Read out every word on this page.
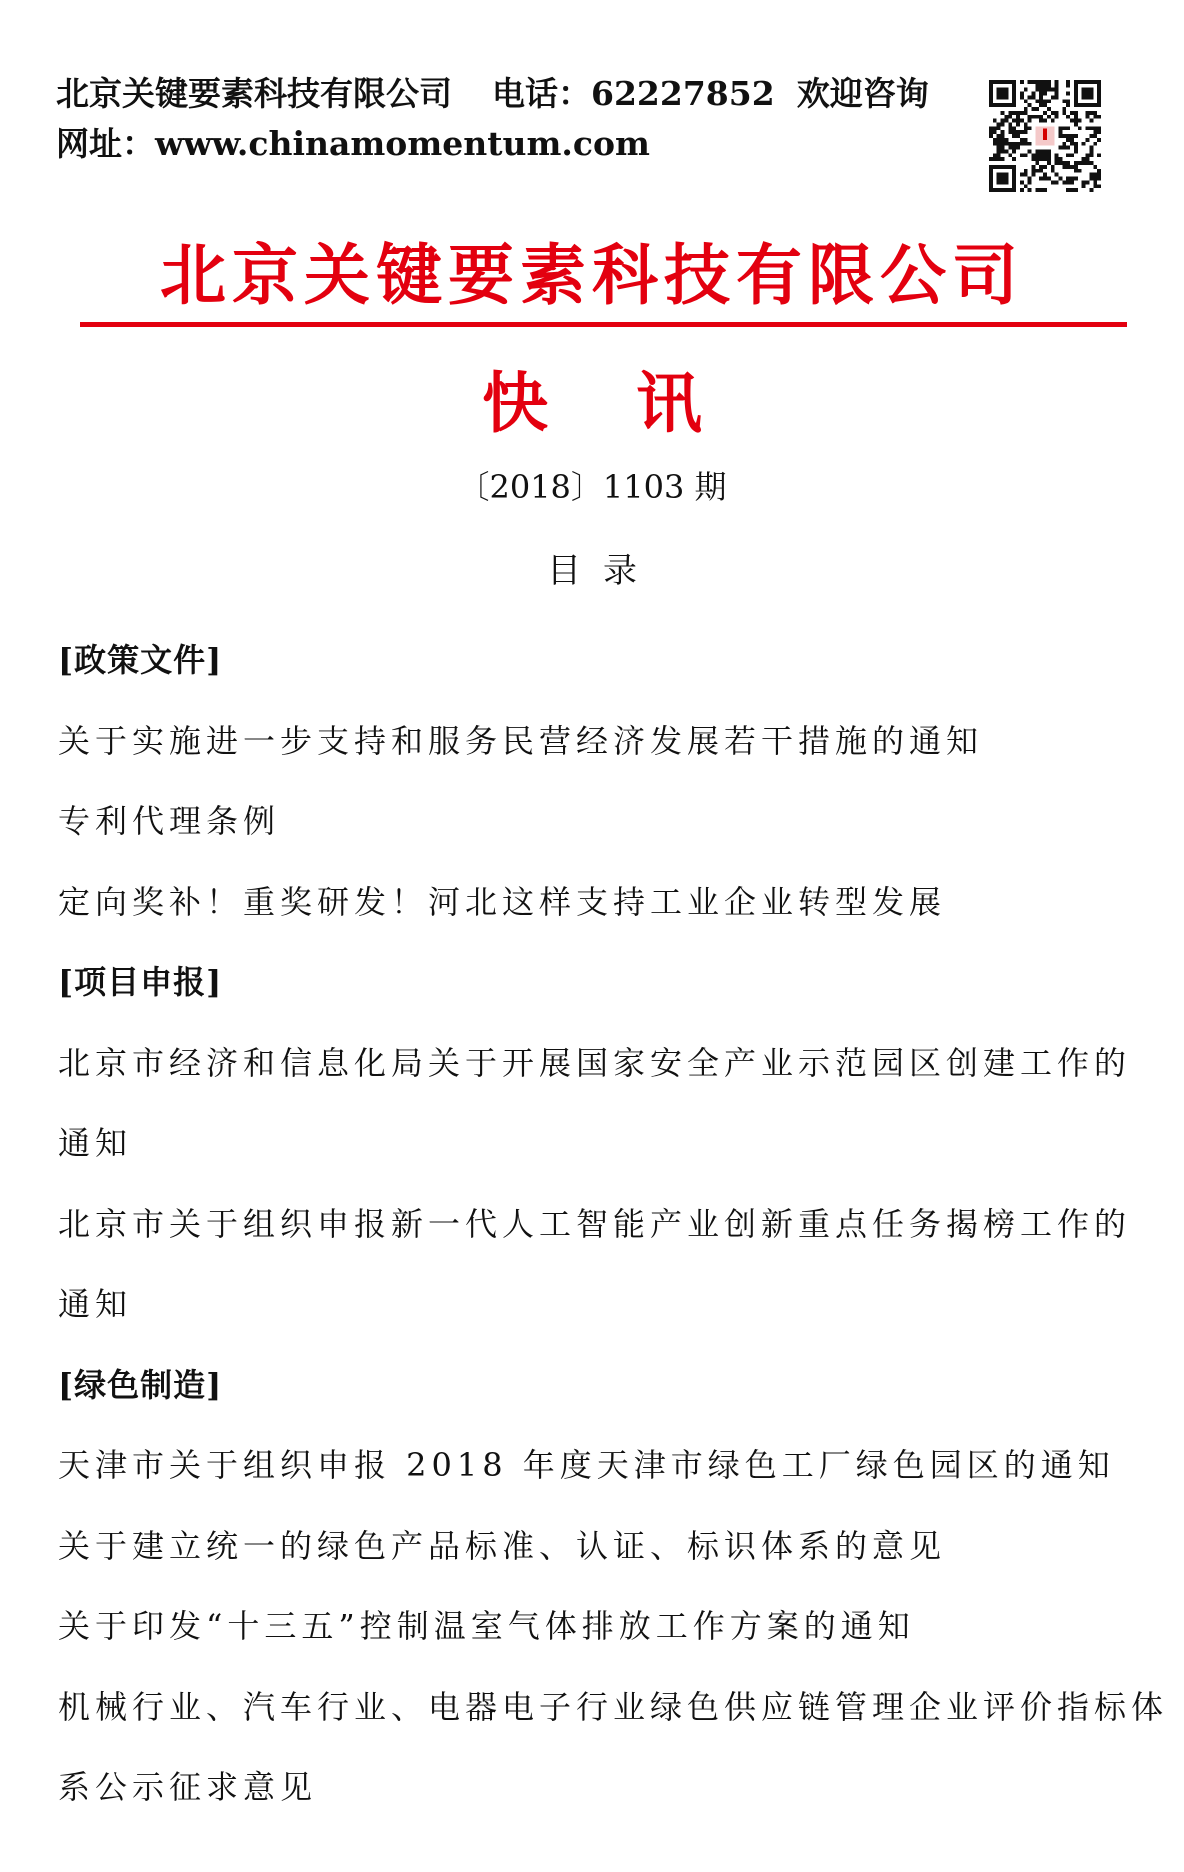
北京关键要素科技有限公司 电话：62227852 欢迎咨询
网址：www.chinamomentum.com
北京关键要素科技有限公司
快 讯
〔2018〕1103 期
目录
[政策文件]
关于实施进一步支持和服务民营经济发展若干措施的通知
专利代理条例
定向奖补！重奖研发！河北这样支持工业企业转型发展
[项目申报]
北京市经济和信息化局关于开展国家安全产业示范园区创建工作的
通知
北京市关于组织申报新一代人工智能产业创新重点任务揭榜工作的
通知
[绿色制造]
天津市关于组织申报 2018 年度天津市绿色工厂绿色园区的通知
关于建立统一的绿色产品标准、认证、标识体系的意见
关于印发“十三五”控制温室气体排放工作方案的通知
机械行业、汽车行业、电器电子行业绿色供应链管理企业评价指标体
系公示征求意见
